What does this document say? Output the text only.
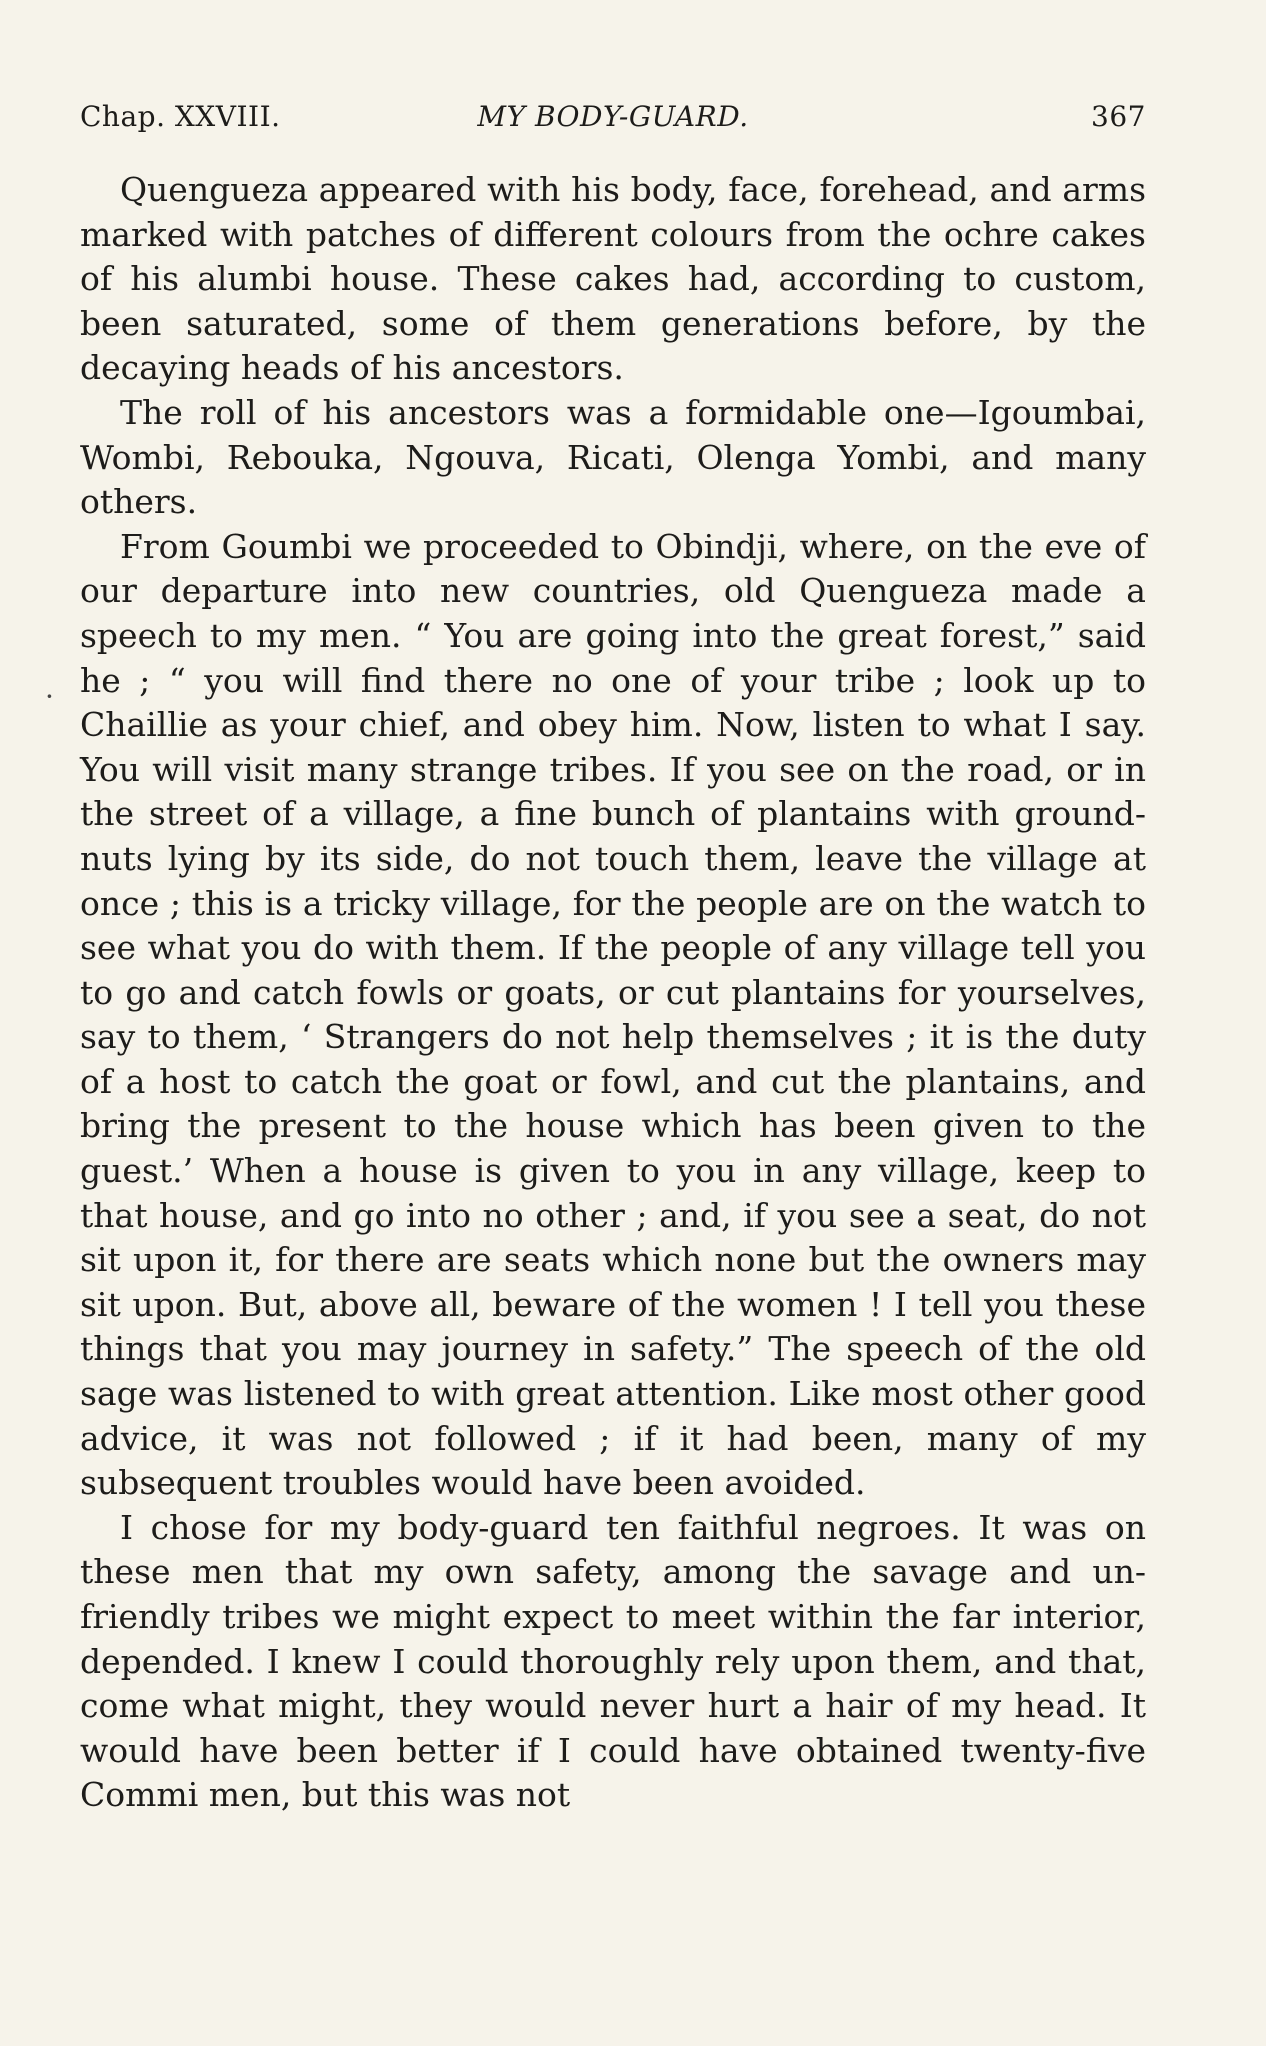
Chap. XXVIII.	MY BODY-GUARD.	367

Quengueza appeared with his body, face, forehead, and arms marked with patches of different colours from the ochre cakes of his alumbi house. These cakes had, according to custom, been saturated, some of them generations before, by the decaying heads of his ancestors.

The roll of his ancestors was a formidable one—Igoumbai, Wombi, Rebouka, Ngouva, Ricati, Olenga Yombi, and many others.

From Goumbi we proceeded to Obindji, where, on the eve of our departure into new countries, old Quengueza made a speech to my men. “ You are going into the great forest,” said he ; “ you will find there no one of your tribe ; look up to Chaillie as your chief, and obey him. Now, listen to what I say. You will visit many strange tribes. If you see on the road, or in the street of a village, a fine bunch of plantains with ground-nuts lying by its side, do not touch them, leave the village at once ; this is a tricky village, for the people are on the watch to see what you do with them. If the people of any village tell you to go and catch fowls or goats, or cut plantains for yourselves, say to them, ‘ Strangers do not help themselves ; it is the duty of a host to catch the goat or fowl, and cut the plantains, and bring the present to the house which has been given to the guest.’ When a house is given to you in any village, keep to that house, and go into no other ; and, if you see a seat, do not sit upon it, for there are seats which none but the owners may sit upon. But, above all, beware of the women ! I tell you these things that you may journey in safety.” The speech of the old sage was listened to with great attention. Like most other good advice, it was not followed ; if it had been, many of my subsequent troubles would have been avoided.

I chose for my body-guard ten faithful negroes. It was on these men that my own safety, among the savage and unfriendly tribes we might expect to meet within the far interior, depended. I knew I could thoroughly rely upon them, and that, come what might, they would never hurt a hair of my head. It would have been better if I could have obtained twenty-five Commi men, but this was not

·
